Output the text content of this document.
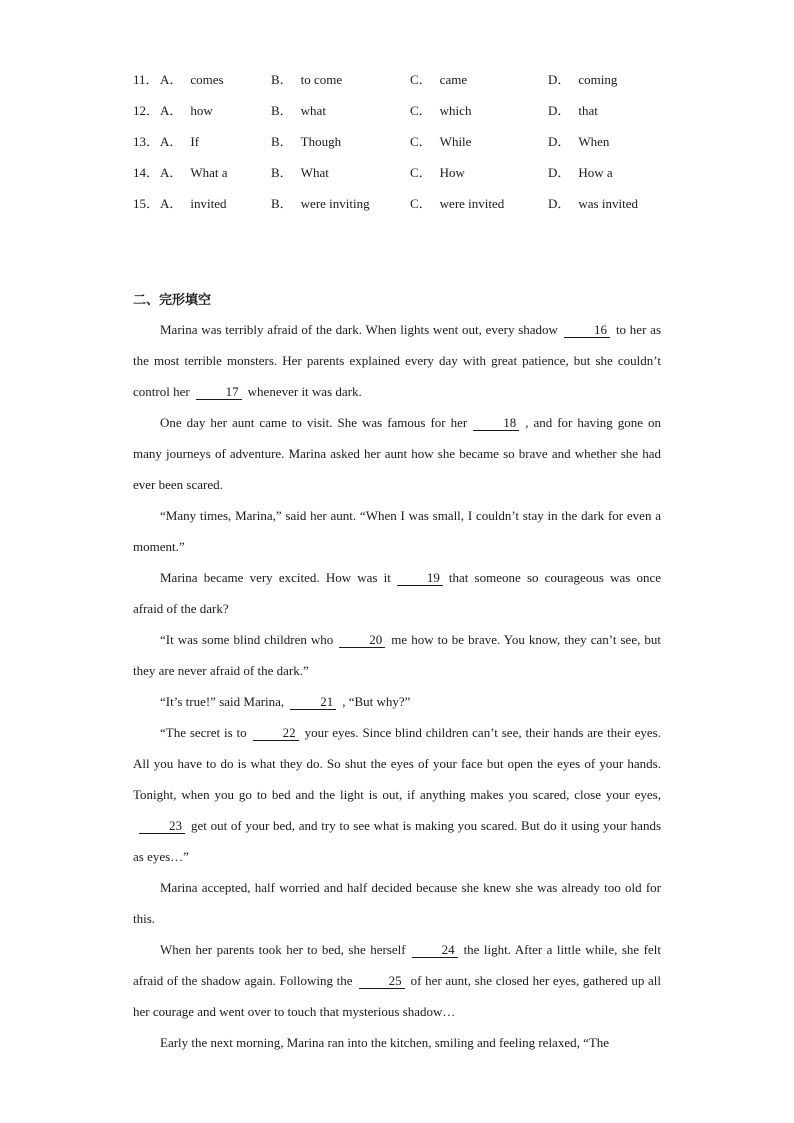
11． A． comes	B． to come	C． came	D． coming
12． A． how	B． what	C． which	D． that
13． A． If	B． Though	C． While	D． When
14． A． What a	B． What	C． How	D． How a
15． A． invited	B． were inviting	C． were invited	D． was invited
二、完形填空

Marina was terribly afraid of the dark. When lights went out, every shadow	16 to her as the most terrible monsters. Her parents explained every day with great patience, but she couldn’t control her	17 whenever it was dark.

One day her aunt came to visit. She was famous for her	18 , and for having gone on many journeys of adventure. Marina asked her aunt how she became so brave and whether she had ever been scared.

“Many times, Marina,” said her aunt. “When I was small, I couldn’t stay in the dark for even a moment.”

Marina became very excited. How was it	19 that someone so courageous was once afraid of the dark?

“It was some blind children who	20 me how to be brave. You know, they can’t see, but they are never afraid of the dark.”

“It’s true!” said Marina,	21 , “But why?”

“The secret is to	22 your eyes. Since blind children can’t see, their hands are their eyes. All you have to do is what they do. So shut the eyes of your face but open the eyes of your hands. Tonight, when you go to bed and the light is out, if anything makes you scared, close your eyes,23 get out of your bed, and try to see what is making you scared. But do it using your hands as eyes…”

Marina accepted, half worried and half decided because she knew she was already too old for this.

When her parents took her to bed, she herself	24 the light. After a little while, she felt afraid of the shadow again. Following the	25 of her aunt, she closed her eyes, gathered up all her courage and went over to touch that mysterious shadow…

Early the next morning, Marina ran into the kitchen, smiling and feeling relaxed, “The
